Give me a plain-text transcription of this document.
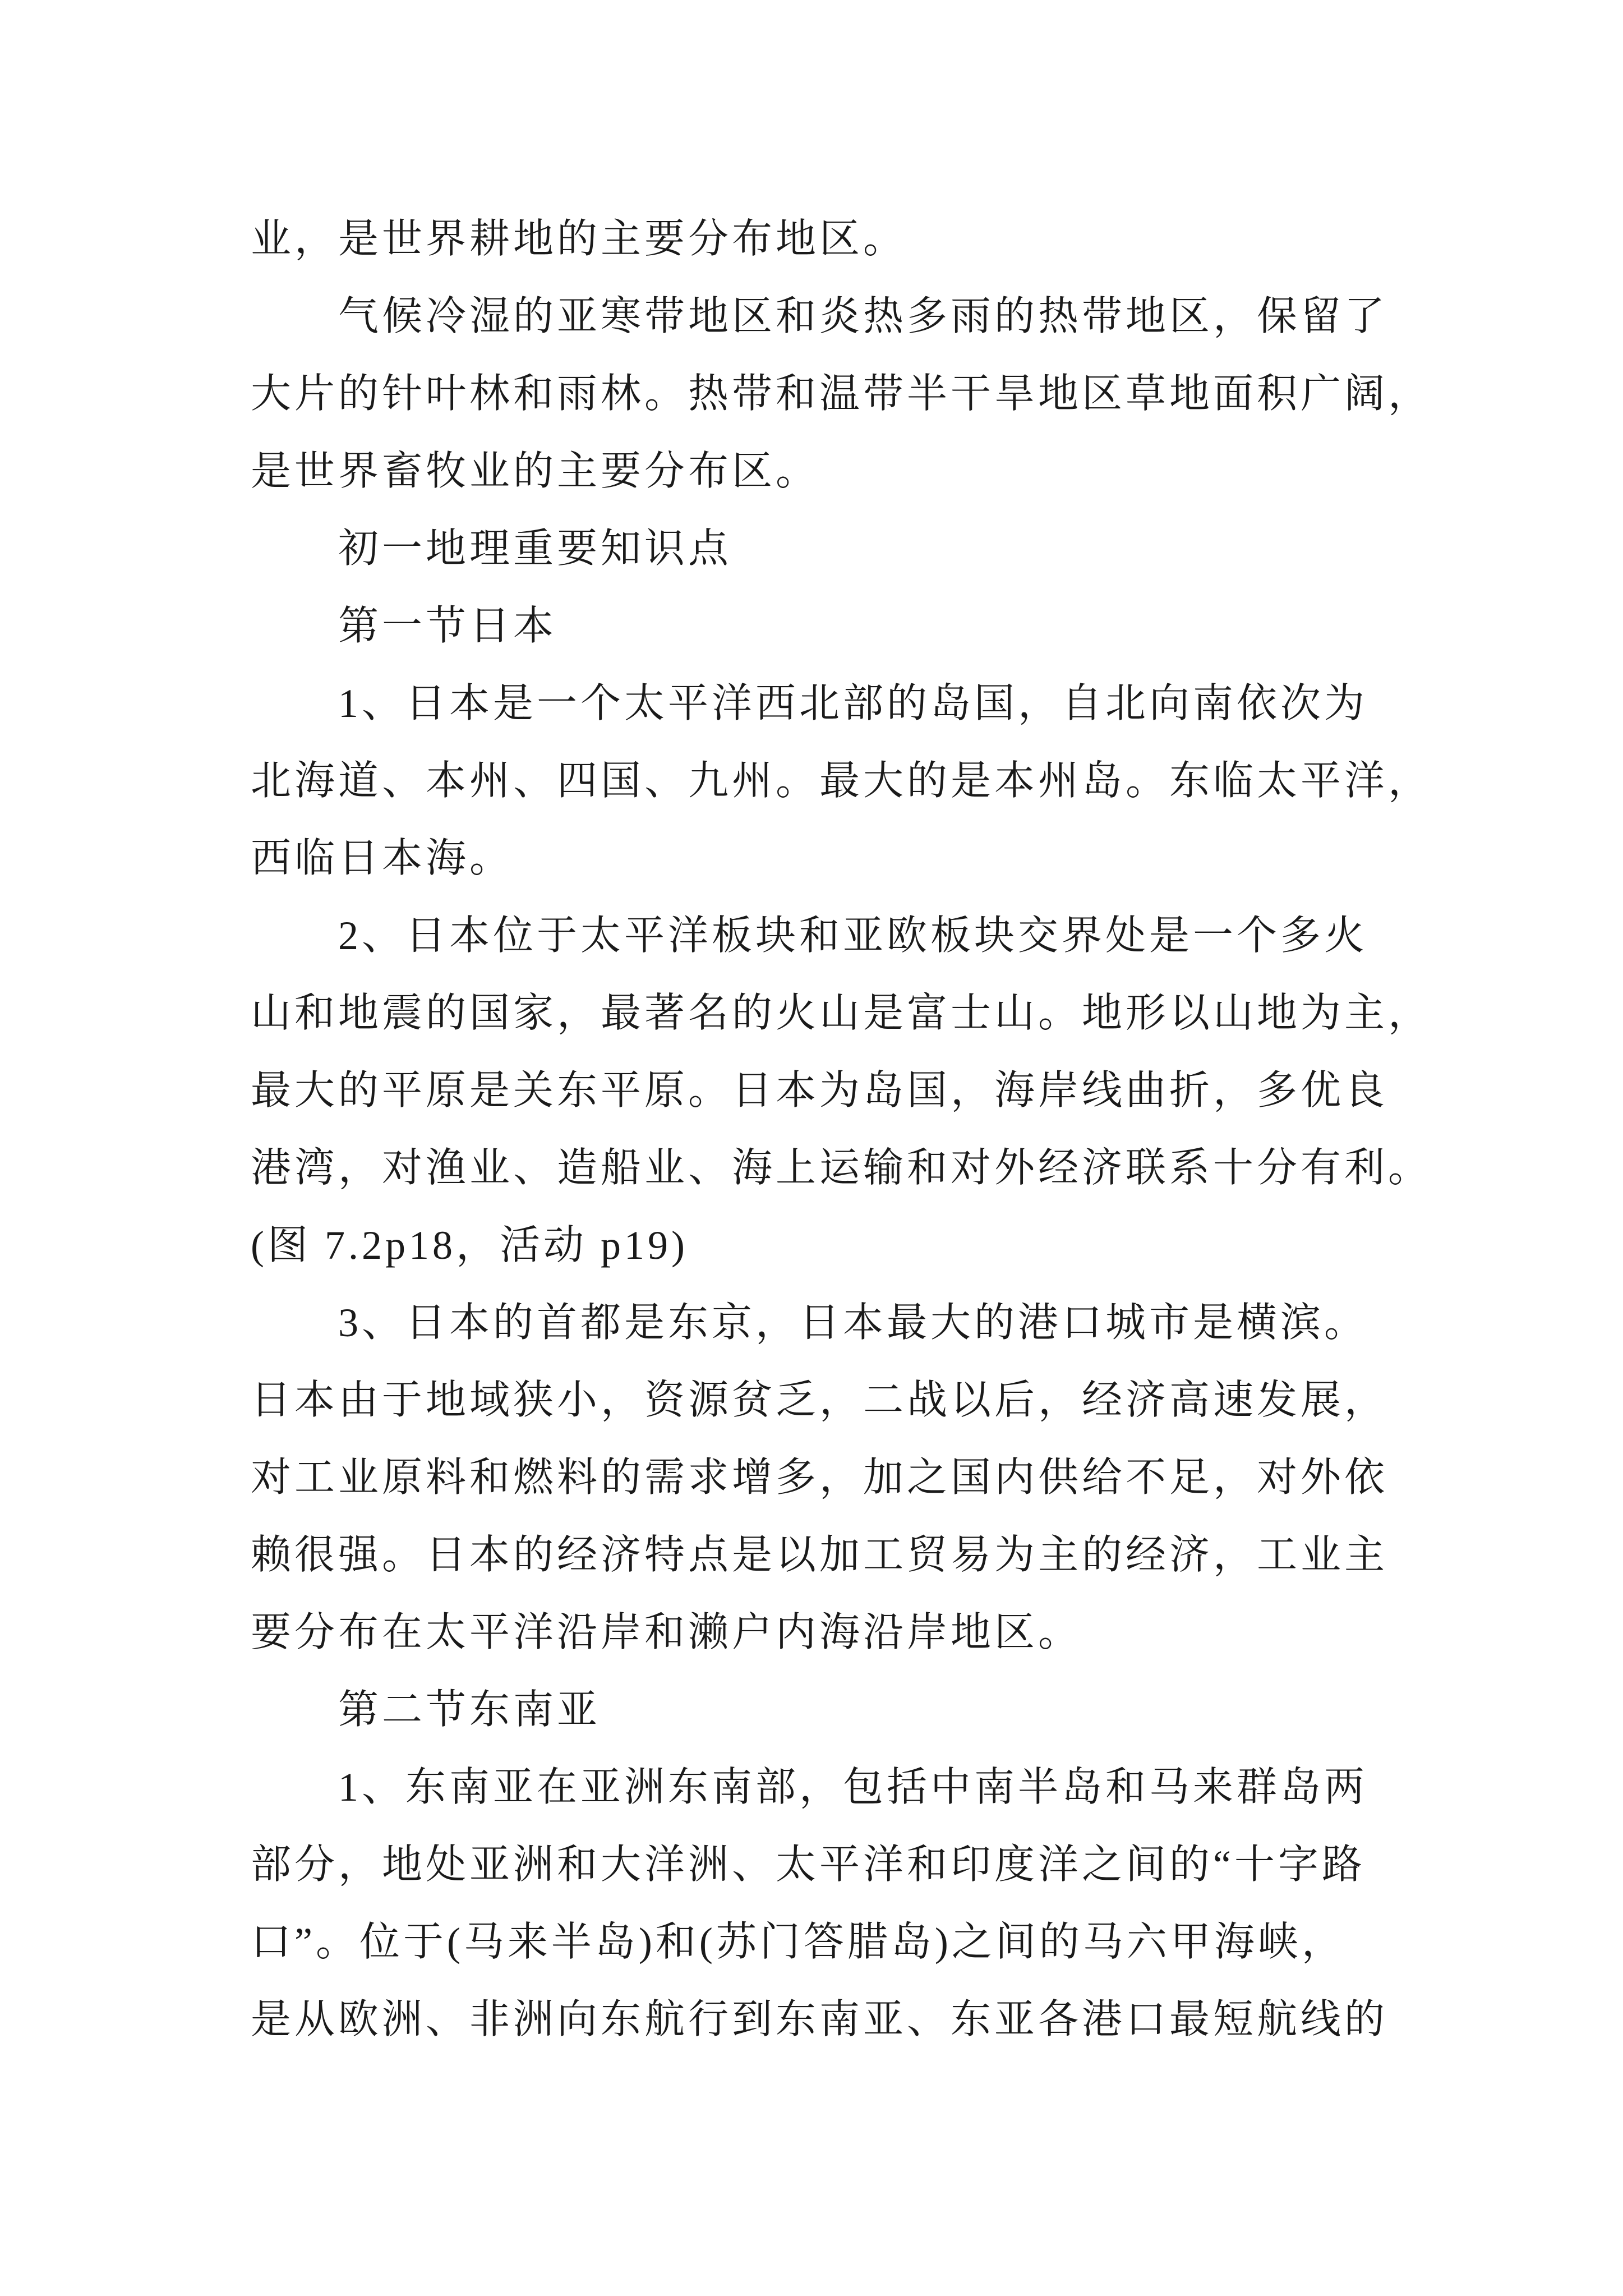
业，是世界耕地的主要分布地区。
气候冷湿的亚寒带地区和炎热多雨的热带地区，保留了
大片的针叶林和雨林。热带和温带半干旱地区草地面积广阔，
是世界畜牧业的主要分布区。
初一地理重要知识点
第一节日本
1、日本是一个太平洋西北部的岛国，自北向南依次为
北海道、本州、四国、九州。最大的是本州岛。东临太平洋，
西临日本海。
2、日本位于太平洋板块和亚欧板块交界处是一个多火
山和地震的国家，最著名的火山是富士山。地形以山地为主，
最大的平原是关东平原。日本为岛国，海岸线曲折，多优良
港湾，对渔业、造船业、海上运输和对外经济联系十分有利。
(图 7.2p18，活动 p19)
3、日本的首都是东京，日本最大的港口城市是横滨。
日本由于地域狭小，资源贫乏，二战以后，经济高速发展，
对工业原料和燃料的需求增多，加之国内供给不足，对外依
赖很强。日本的经济特点是以加工贸易为主的经济，工业主
要分布在太平洋沿岸和濑户内海沿岸地区。
第二节东南亚
1、东南亚在亚洲东南部，包括中南半岛和马来群岛两
部分，地处亚洲和大洋洲、太平洋和印度洋之间的“十字路
口”。位于(马来半岛)和(苏门答腊岛)之间的马六甲海峡，
是从欧洲、非洲向东航行到东南亚、东亚各港口最短航线的
